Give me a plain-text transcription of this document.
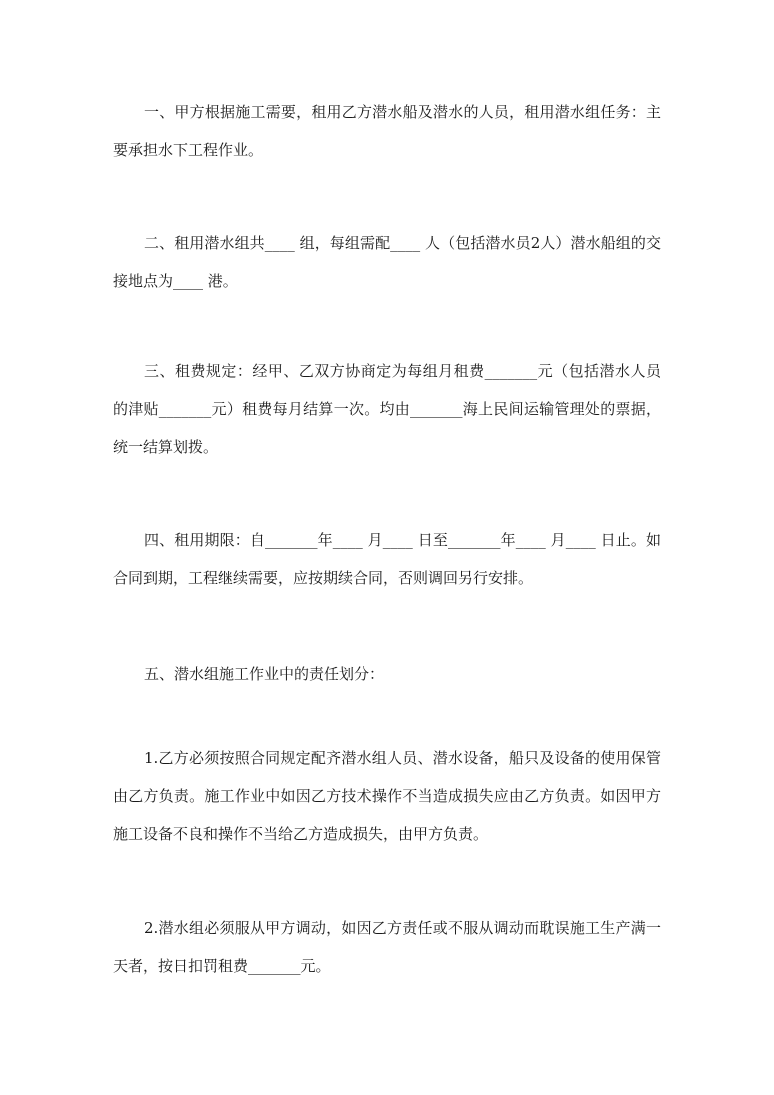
一、甲方根据施工需要，租用乙方潜水船及潜水的人员，租用潜水组任务：主要承担水下工程作业。

二、租用潜水组共____ 组，每组需配____ 人（包括潜水员2人）潜水船组的交接地点为____ 港。

三、租费规定：经甲、乙双方协商定为每组月租费_______元（包括潜水人员的津贴_______元）租费每月结算一次。均由_______海上民间运输管理处的票据，统一结算划拨。

四、租用期限：自_______年____ 月____ 日至_______年____ 月____ 日止。如合同到期，工程继续需要，应按期续合同，否则调回另行安排。

五、潜水组施工作业中的责任划分：

1.乙方必须按照合同规定配齐潜水组人员、潜水设备，船只及设备的使用保管由乙方负责。施工作业中如因乙方技术操作不当造成损失应由乙方负责。如因甲方施工设备不良和操作不当给乙方造成损失，由甲方负责。

2.潜水组必须服从甲方调动，如因乙方责任或不服从调动而耽误施工生产满一天者，按日扣罚租费_______元。
